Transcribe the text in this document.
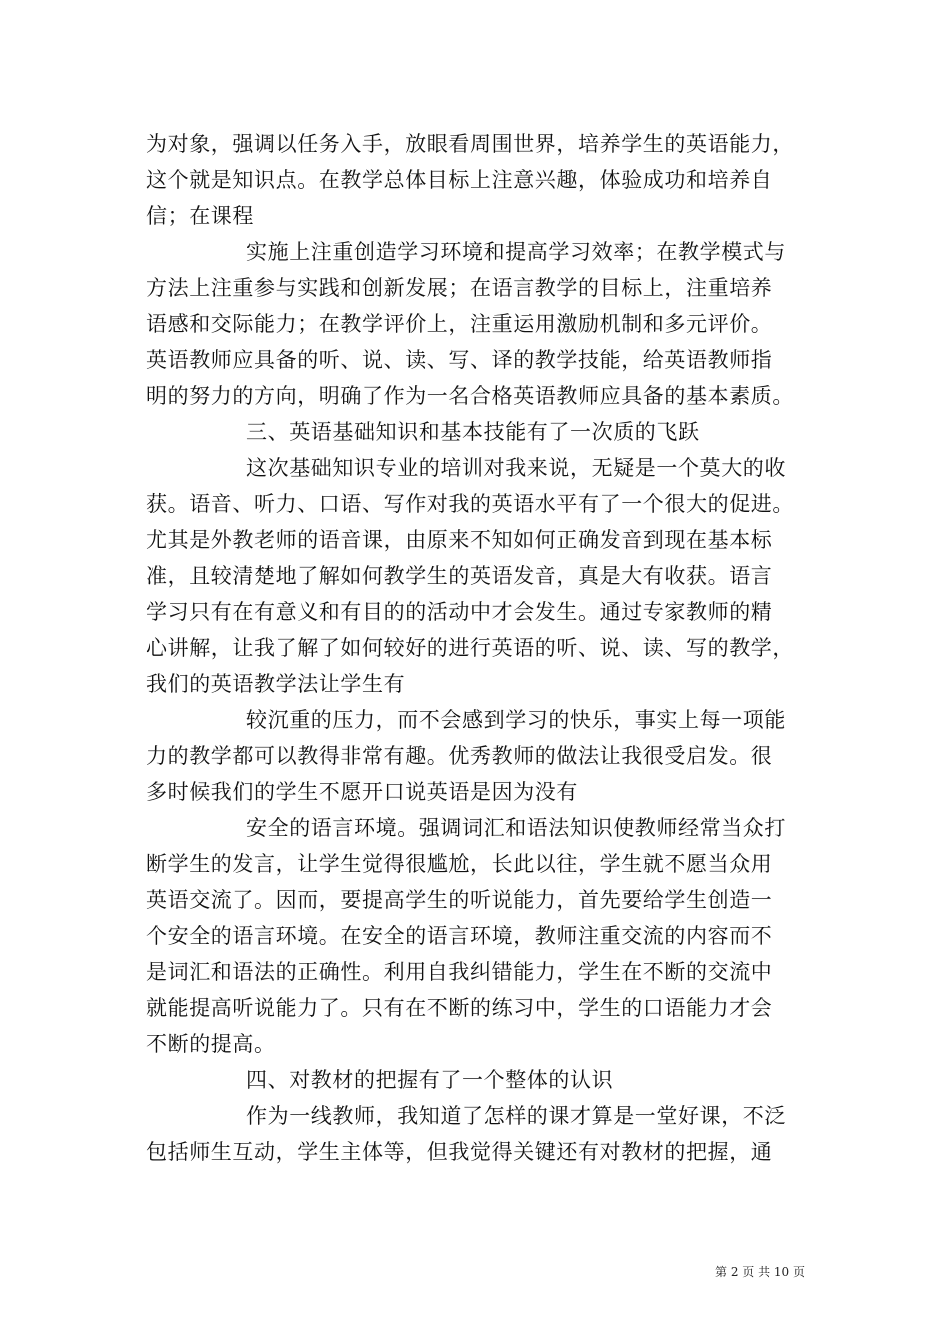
为对象，强调以任务入手，放眼看周围世界，培养学生的英语能力，
这个就是知识点。在教学总体目标上注意兴趣，体验成功和培养自
信；在课程
实施上注重创造学习环境和提高学习效率；在教学模式与
方法上注重参与实践和创新发展；在语言教学的目标上，注重培养
语感和交际能力；在教学评价上，注重运用激励机制和多元评价。
英语教师应具备的听、说、读、写、译的教学技能，给英语教师指
明的努力的方向，明确了作为一名合格英语教师应具备的基本素质。
三、英语基础知识和基本技能有了一次质的飞跃
这次基础知识专业的培训对我来说，无疑是一个莫大的收
获。语音、听力、口语、写作对我的英语水平有了一个很大的促进。
尤其是外教老师的语音课，由原来不知如何正确发音到现在基本标
准，且较清楚地了解如何教学生的英语发音，真是大有收获。语言
学习只有在有意义和有目的的活动中才会发生。通过专家教师的精
心讲解，让我了解了如何较好的进行英语的听、说、读、写的教学，
我们的英语教学法让学生有
较沉重的压力，而不会感到学习的快乐，事实上每一项能
力的教学都可以教得非常有趣。优秀教师的做法让我很受启发。很
多时候我们的学生不愿开口说英语是因为没有
安全的语言环境。强调词汇和语法知识使教师经常当众打
断学生的发言，让学生觉得很尴尬，长此以往，学生就不愿当众用
英语交流了。因而，要提高学生的听说能力，首先要给学生创造一
个安全的语言环境。在安全的语言环境，教师注重交流的内容而不
是词汇和语法的正确性。利用自我纠错能力，学生在不断的交流中
就能提高听说能力了。只有在不断的练习中，学生的口语能力才会
不断的提高。
四、对教材的把握有了一个整体的认识
作为一线教师，我知道了怎样的课才算是一堂好课，不泛
包括师生互动，学生主体等，但我觉得关键还有对教材的把握，通
第 2 页 共 10 页
